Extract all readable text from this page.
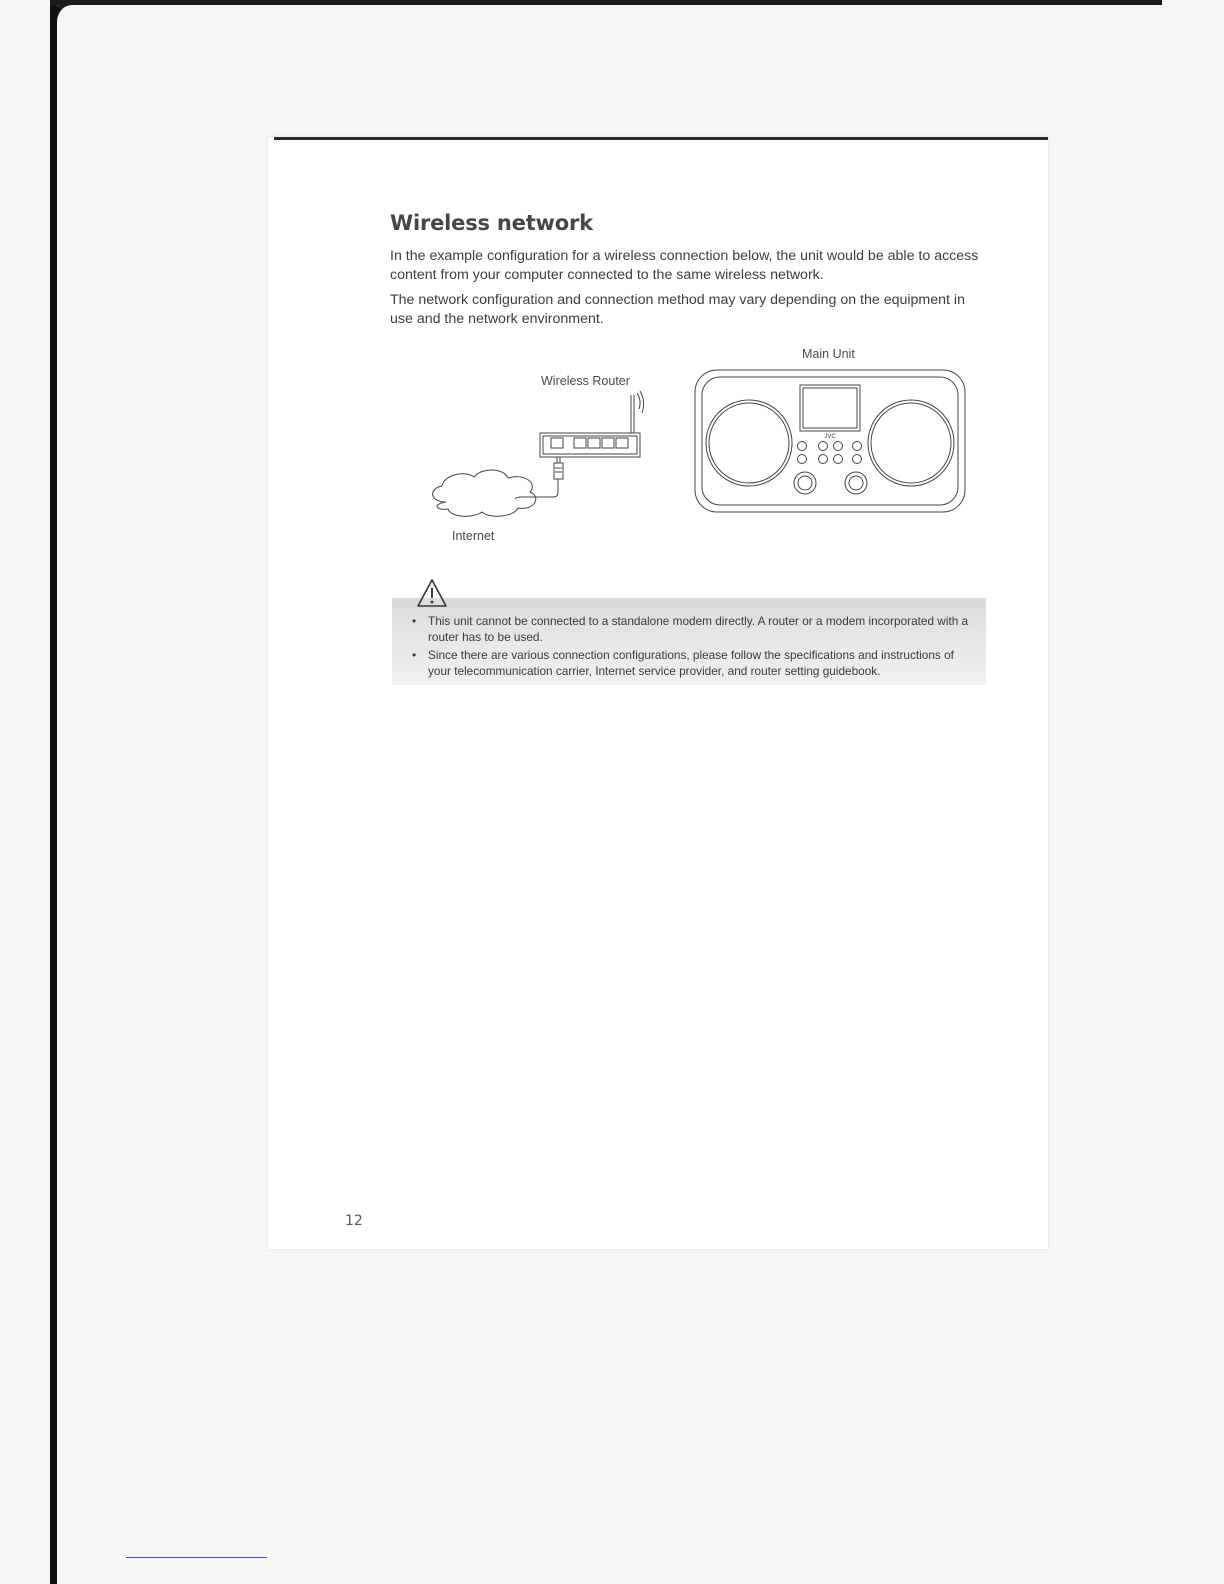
Wireless network

In the example configuration for a wireless connection below, the unit would be able to access content from your computer connected to the same wireless network.

The network configuration and connection method may vary depending on the equipment in use and the network environment.

Main Unit
Wireless Router
Internet
JVC
• This unit cannot be connected to a standalone modem directly. A router or a modem incorporated with a router has to be used.
• Since there are various connection configurations, please follow the specifications and instructions of your telecommunication carrier, Internet service provider, and router setting guidebook.
12
